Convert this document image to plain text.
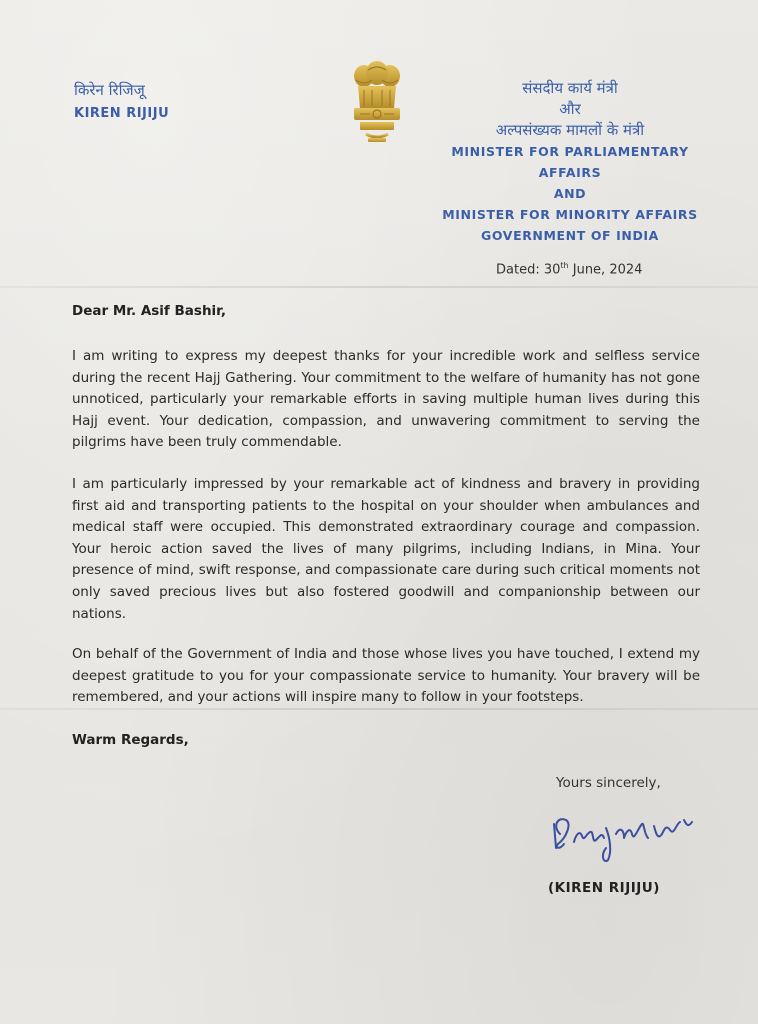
किरेन रिजिजू
KIREN RIJIJU
संसदीय कार्य मंत्री
और
अल्पसंख्यक मामलों के मंत्री
MINISTER FOR PARLIAMENTARY
AFFAIRS
AND
MINISTER FOR MINORITY AFFAIRS
GOVERNMENT OF INDIA
Dated: 30th June, 2024
Dear Mr. Asif Bashir,

I am writing to express my deepest thanks for your incredible work and selfless service during the recent Hajj Gathering. Your commitment to the welfare of humanity has not gone unnoticed, particularly your remarkable efforts in saving multiple human lives during this Hajj event. Your dedication, compassion, and unwavering commitment to serving the pilgrims have been truly commendable.

I am particularly impressed by your remarkable act of kindness and bravery in providing first aid and transporting patients to the hospital on your shoulder when ambulances and medical staff were occupied. This demonstrated extraordinary courage and compassion. Your heroic action saved the lives of many pilgrims, including Indians, in Mina. Your presence of mind, swift response, and compassionate care during such critical moments not only saved precious lives but also fostered goodwill and companionship between our nations.

On behalf of the Government of India and those whose lives you have touched, I extend my deepest gratitude to you for your compassionate service to humanity. Your bravery will be remembered, and your actions will inspire many to follow in your footsteps.

Warm Regards,
Yours sincerely,
(KIREN RIJIJU)
